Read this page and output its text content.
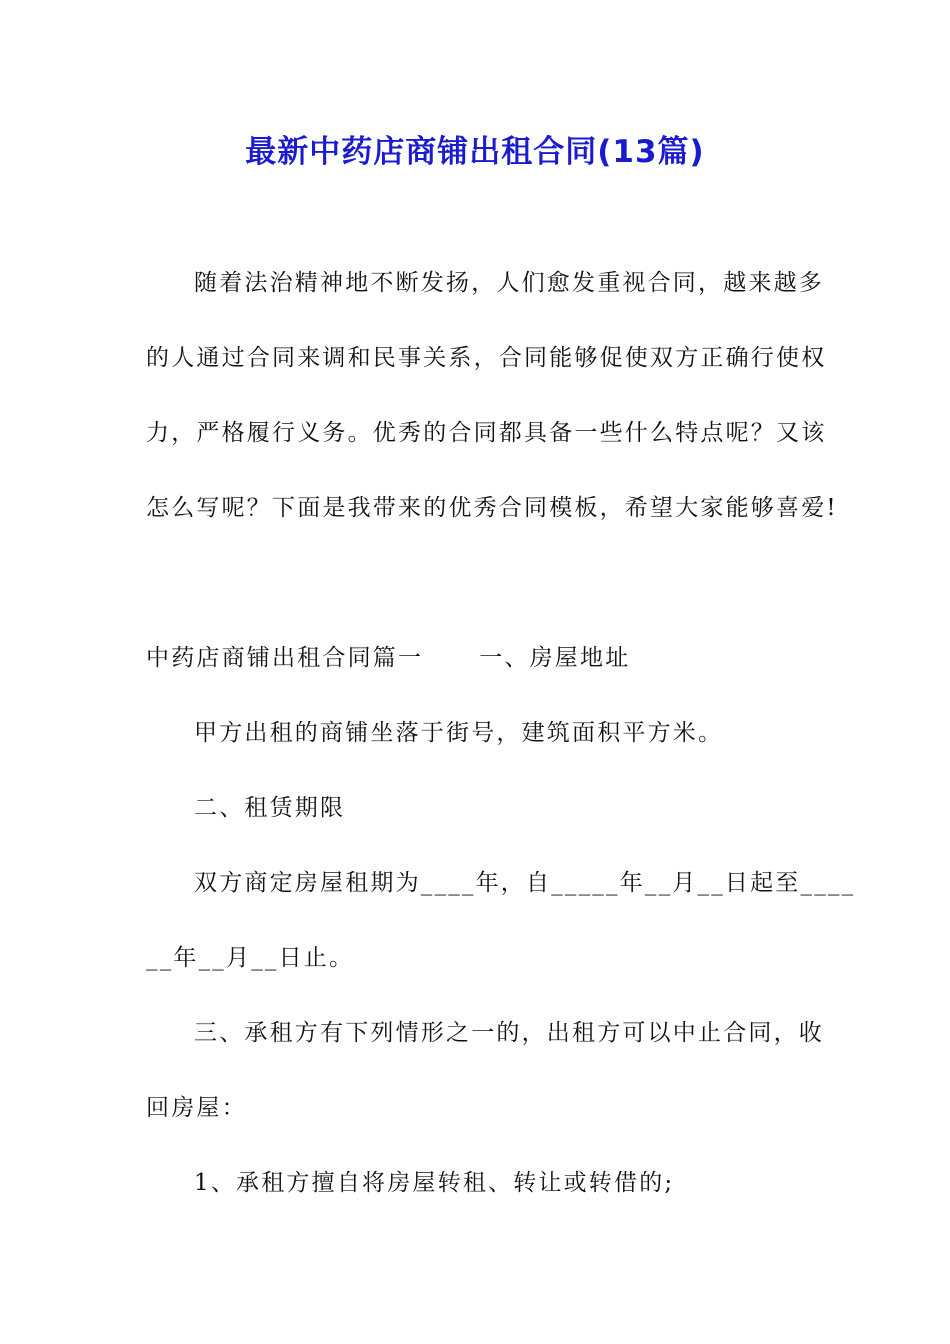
最新中药店商铺出租合同(13篇)
随着法治精神地不断发扬，人们愈发重视合同，越来越多
的人通过合同来调和民事关系，合同能够促使双方正确行使权
力，严格履行义务。优秀的合同都具备一些什么特点呢？又该
怎么写呢？下面是我带来的优秀合同模板，希望大家能够喜爱!
中药店商铺出租合同篇一 一、房屋地址
甲方出租的商铺坐落于街号，建筑面积平方米。
二、租赁期限
双方商定房屋租期为____年，自_____年__月__日起至____
__年__月__日止。
三、承租方有下列情形之一的，出租方可以中止合同，收
回房屋：
1、承租方擅自将房屋转租、转让或转借的;
